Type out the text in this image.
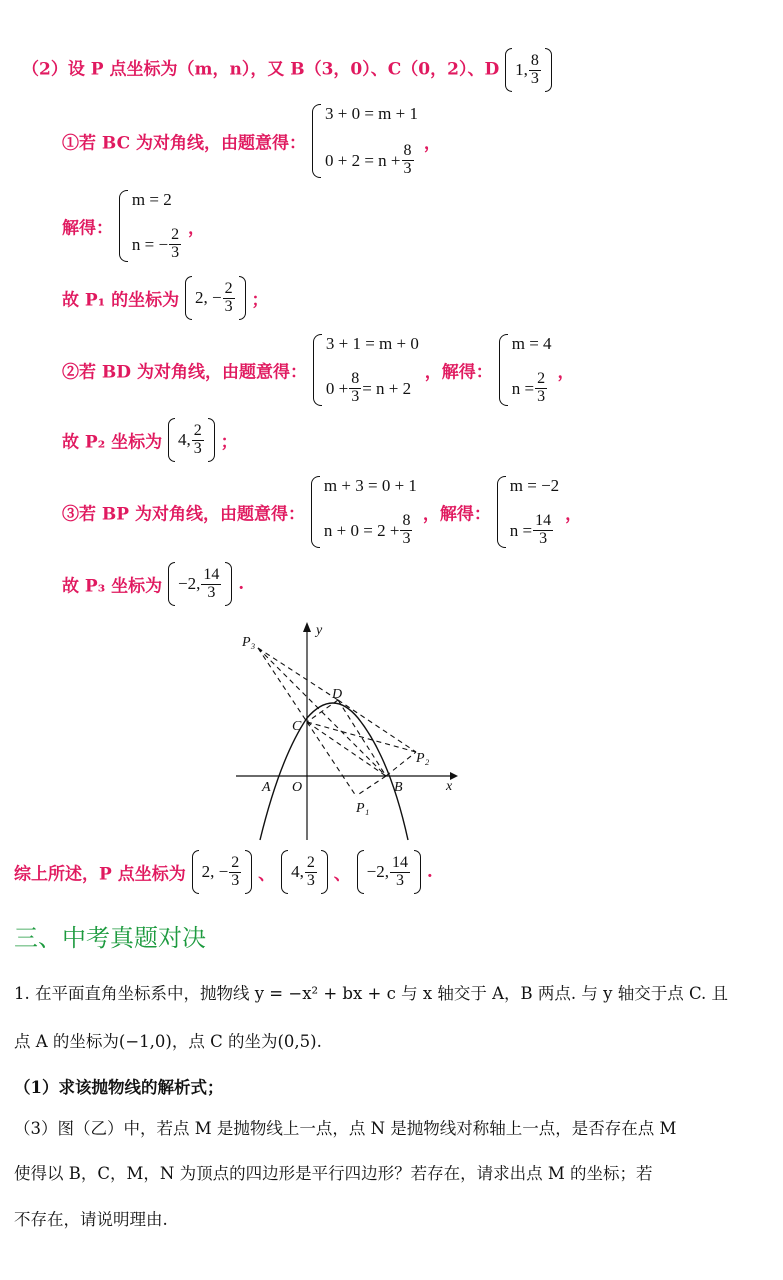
（2）设 P 点坐标为（m，n），又 B（3，0）、C（0，2）、D 1, $\frac{8}{3}$
①若 BC 为对角线，由题意得：
3 + 0 = m + 1
$0 + 2 = n + \frac{8}{3}$ ，
解得：
m = 2
n = − $\frac{2}{3}$ ，
故 P₁ 的坐标为 2, − $\frac{2}{3}$ ；
②若 BD 为对角线，由题意得：
3 + 1 = m + 0
$0 + \frac{8}{3} = n + 2$
，解得：
m = 4
$n = \frac{2}{3}$ ，
故 P₂ 坐标为 4, $\frac{2}{3}$ ；
③若 BP 为对角线，由题意得：
m + 3 = 0 + 1
$n + 0 = 2 + \frac{8}{3}$ ，解得：
m = −2
$n = \frac{14}{3}$ ，
故 P₃ 坐标为 −2, $\frac{14}{3}$ .
y
x
P₃
D
C
P₂
A O	B
P₁
综上所述，P 点坐标为 2, − $\frac{2}{3}$ 、 4, $\frac{2}{3}$ 、 −2, $\frac{14}{3}$ .
三、中考真题对决
1. 在平面直角坐标系中，抛物线 y = −x² + bx + c 与 x 轴交于 A，B 两点. 与 y 轴交于点 C. 且
点 A 的坐标为(−1,0)，点 C 的坐为(0,5).
（1）求该抛物线的解析式；
（3）图（乙）中，若点 M 是抛物线上一点，点 N 是抛物线对称轴上一点，是否存在点 M
使得以 B，C，M，N 为顶点的四边形是平行四边形？若存在，请求出点 M 的坐标；若
不存在，请说明理由.
